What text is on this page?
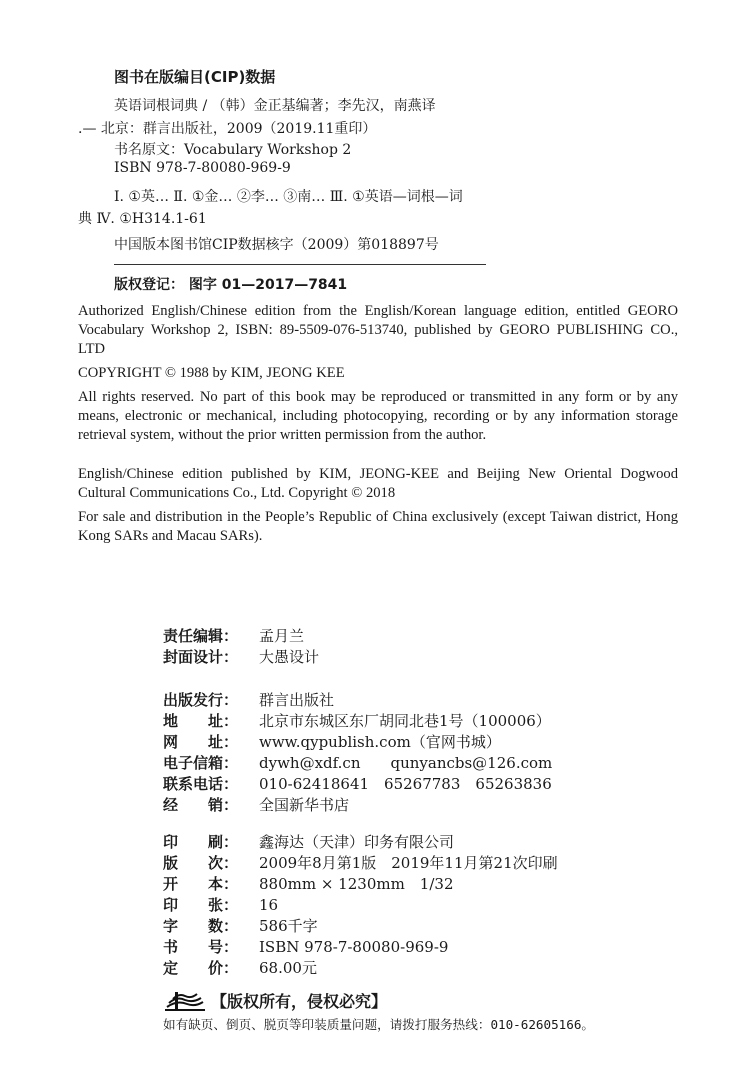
图书在版编目(CIP)数据
英语词根词典 / （韩）金正基编著；李先汉，南燕译
.— 北京：群言出版社，2009（2019.11重印）
书名原文：Vocabulary Workshop 2
ISBN 978-7-80080-969-9
Ⅰ. ①英… Ⅱ. ①金… ②李… ③南… Ⅲ. ①英语—词根—词
典 Ⅳ. ①H314.1-61
中国版本图书馆CIP数据核字（2009）第018897号
版权登记： 图字 01—2017—7841
Authorized English/Chinese edition from the English/Korean language edition, entitled GEORO Vocabulary Workshop 2, ISBN: 89-5509-076-513740, published by GEORO PUBLISHING CO., LTD
COPYRIGHT © 1988 by KIM, JEONG KEE
All rights reserved. No part of this book may be reproduced or transmitted in any form or by any means, electronic or mechanical, including photocopying, recording or by any information storage retrieval system, without the prior written permission from the author.
English/Chinese edition published by KIM, JEONG-KEE and Beijing New Oriental Dogwood Cultural Communications Co., Ltd. Copyright © 2018
For sale and distribution in the People’s Republic of China exclusively (except Taiwan district, Hong Kong SARs and Macau SARs).
责任编辑： 孟月兰
封面设计： 大愚设计
出版发行： 群言出版社
地　　址： 北京市东城区东厂胡同北巷1号（100006）
网　　址： www.qypublish.com（官网书城）
电子信箱： dywh@xdf.cn　　qunyancbs@126.com
联系电话： 010-62418641　65267783　65263836
经　　销： 全国新华书店
印　　刷： 鑫海达（天津）印务有限公司
版　　次： 2009年8月第1版　2019年11月第21次印刷
开　　本： 880mm × 1230mm　1/32
印　　张： 16
字　　数： 586千字
书　　号： ISBN 978-7-80080-969-9
定　　价： 68.00元
【版权所有，侵权必究】
如有缺页、倒页、脱页等印装质量问题，请拨打服务热线：010-62605166。
